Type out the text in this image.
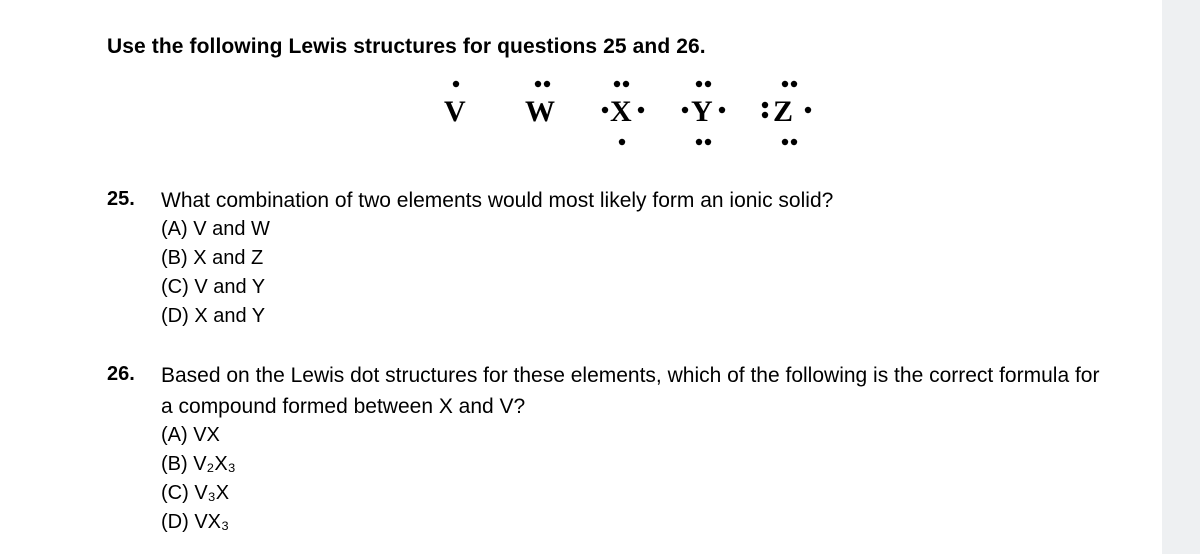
Use the following Lewis structures for questions 25 and 26.
V W X Y Z
25. What combination of two elements would most likely form an ionic solid?
(A) V and W
(B) X and Z
(C) V and Y
(D) X and Y
26. Based on the Lewis dot structures for these elements, which of the following is the correct formula for
a compound formed between X and V?
(A) VX
(B) V₂X₃
(C) V₃X
(D) VX₃
